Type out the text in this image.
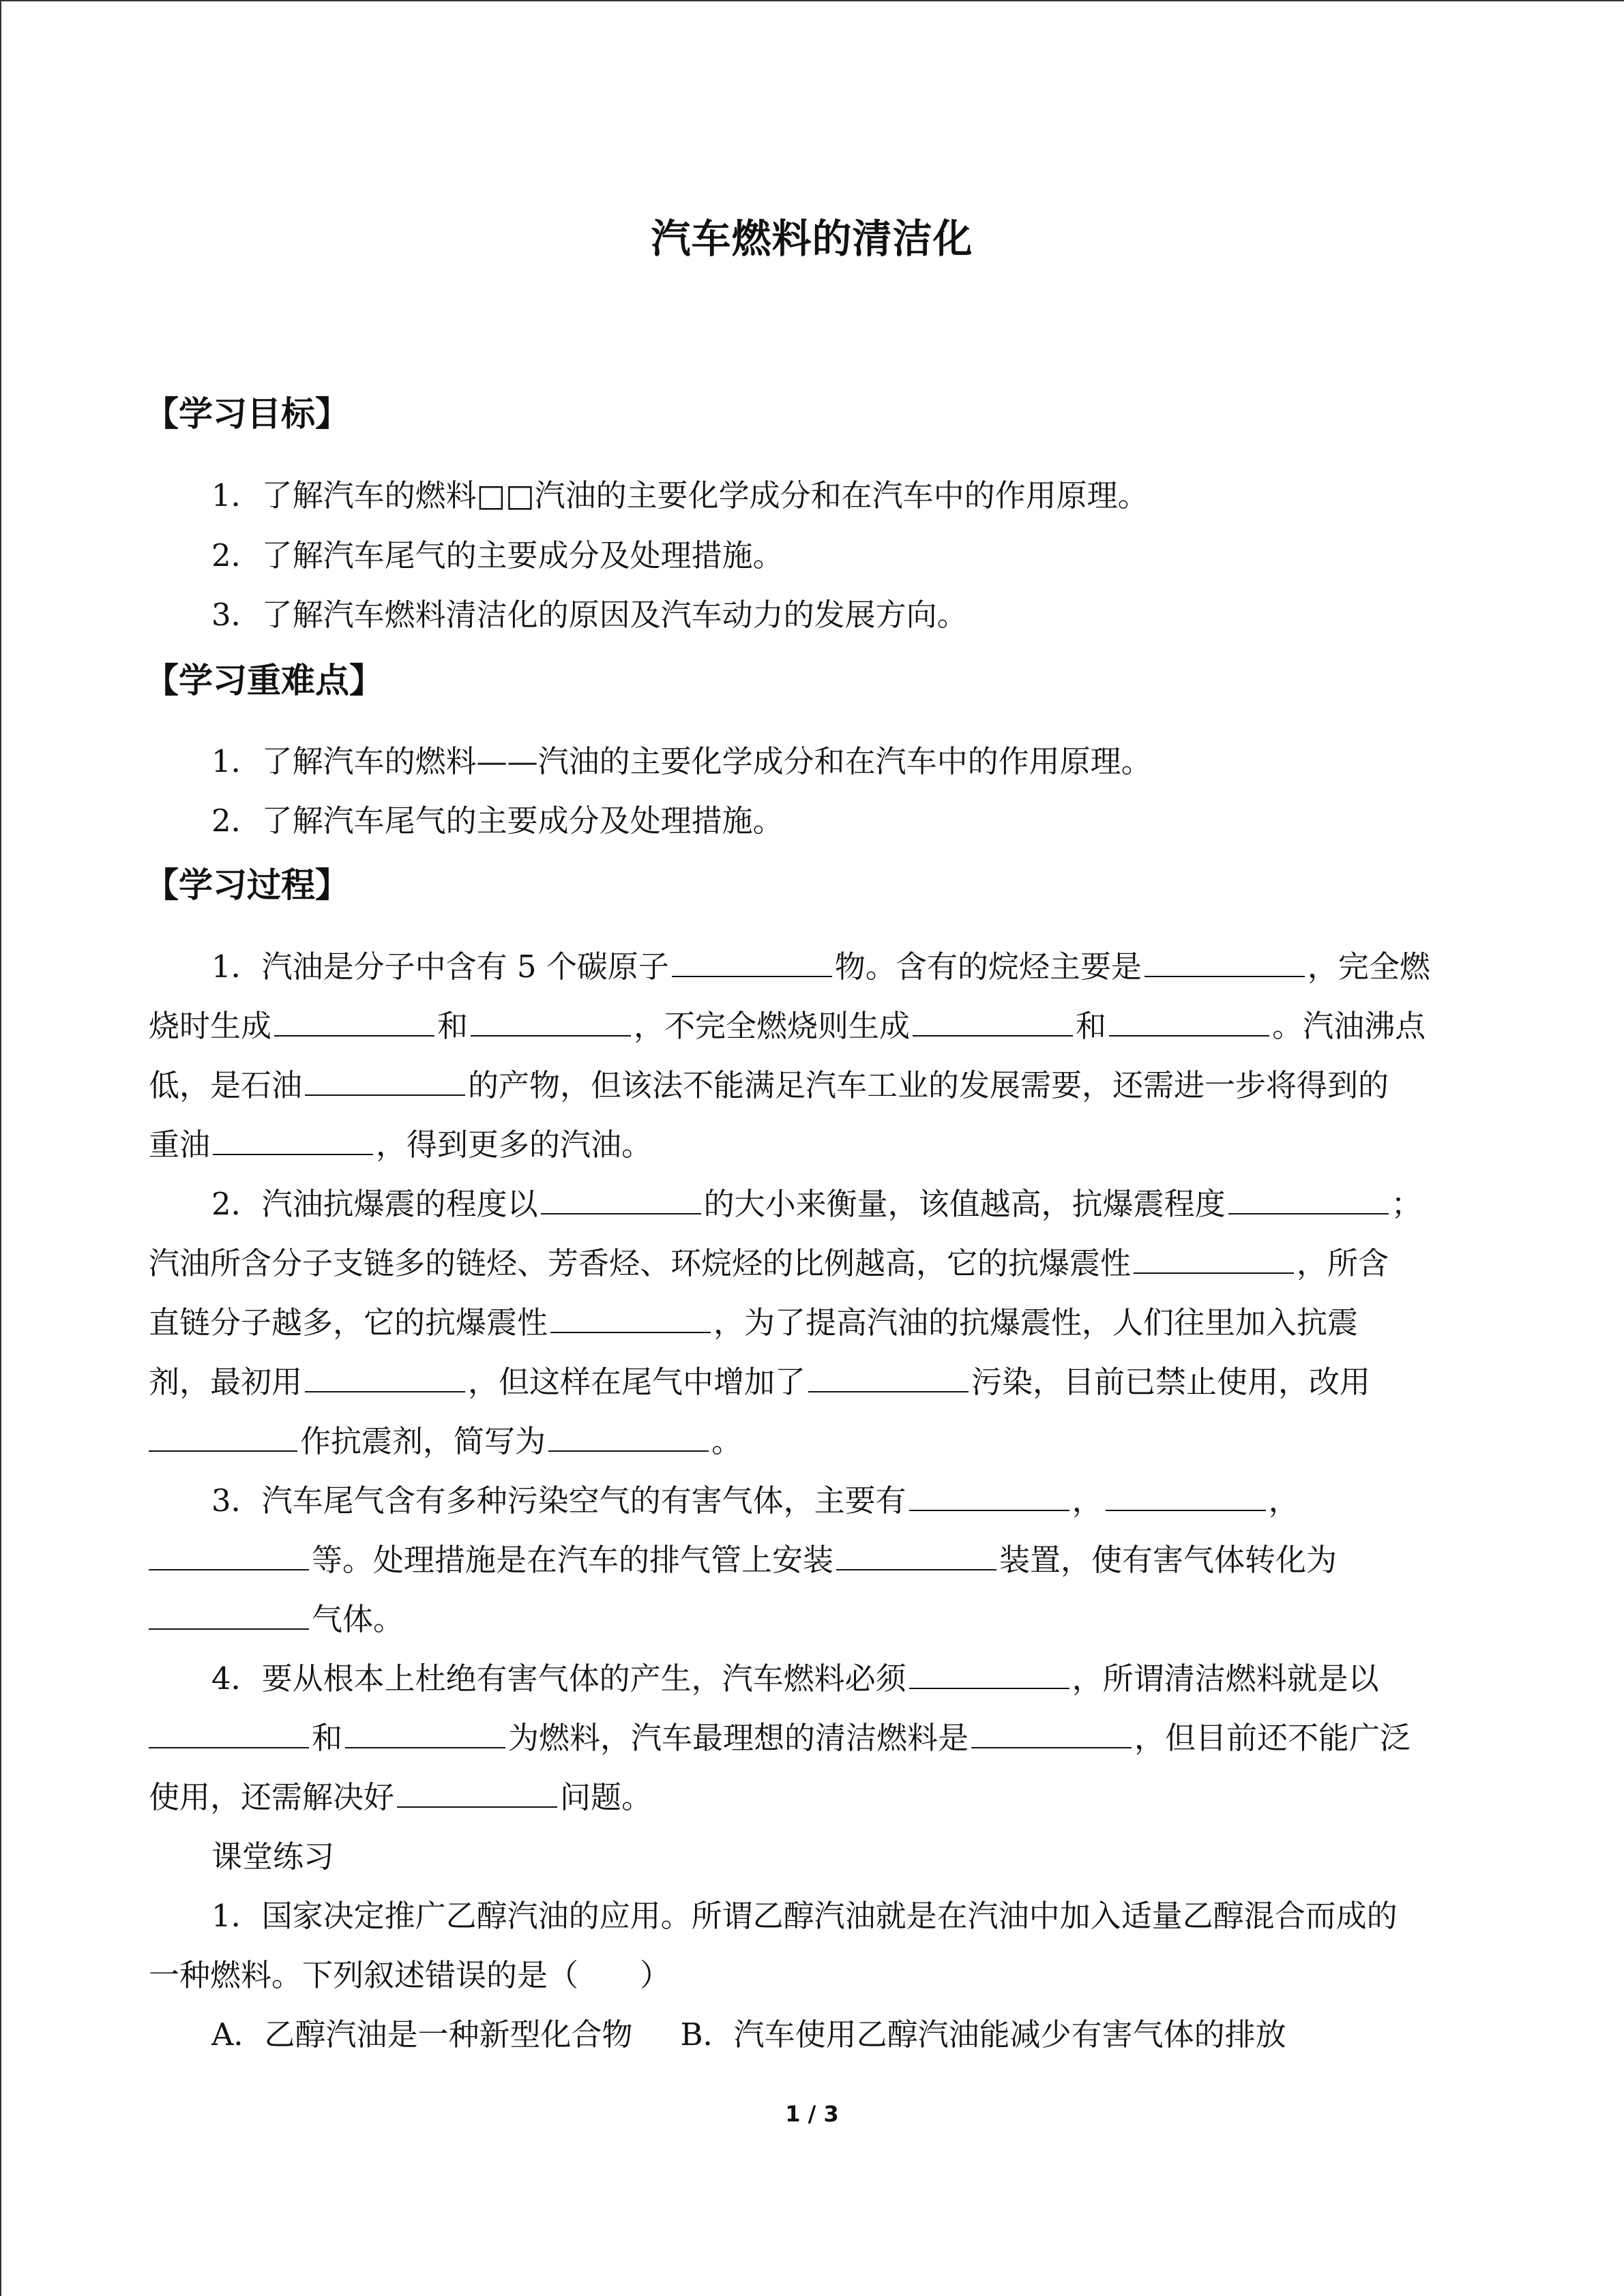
汽车燃料的清洁化
【学习目标】
1．了解汽车的燃料□□汽油的主要化学成分和在汽车中的作用原理。
2．了解汽车尾气的主要成分及处理措施。
3．了解汽车燃料清洁化的原因及汽车动力的发展方向。
【学习重难点】
1．了解汽车的燃料——汽油的主要化学成分和在汽车中的作用原理。
2．了解汽车尾气的主要成分及处理措施。
【学习过程】
1．汽油是分子中含有 5 个碳原子	物。含有的烷烃主要是	，完全燃
烧时生成	和	，不完全燃烧则生成	和	。汽油沸点
低，是石油	的产物，但该法不能满足汽车工业的发展需要，还需进一步将得到的
重油	，得到更多的汽油。
2．汽油抗爆震的程度以	的大小来衡量，该值越高，抗爆震程度	；
汽油所含分子支链多的链烃、芳香烃、环烷烃的比例越高，它的抗爆震性	，所含
直链分子越多，它的抗爆震性	，为了提高汽油的抗爆震性，人们往里加入抗震
剂，最初用	，但这样在尾气中增加了	污染，目前已禁止使用，改用
作抗震剂，简写为	。
3．汽车尾气含有多种污染空气的有害气体，主要有	，	，
等。处理措施是在汽车的排气管上安装	装置，使有害气体转化为
气体。
4．要从根本上杜绝有害气体的产生，汽车燃料必须	，所谓清洁燃料就是以
和	为燃料，汽车最理想的清洁燃料是	，但目前还不能广泛
使用，还需解决好	问题。
课堂练习
1．国家决定推广乙醇汽油的应用。所谓乙醇汽油就是在汽油中加入适量乙醇混合而成的
一种燃料。下列叙述错误的是（　　）
A．乙醇汽油是一种新型化合物 B．汽车使用乙醇汽油能减少有害气体的排放
1 / 3
